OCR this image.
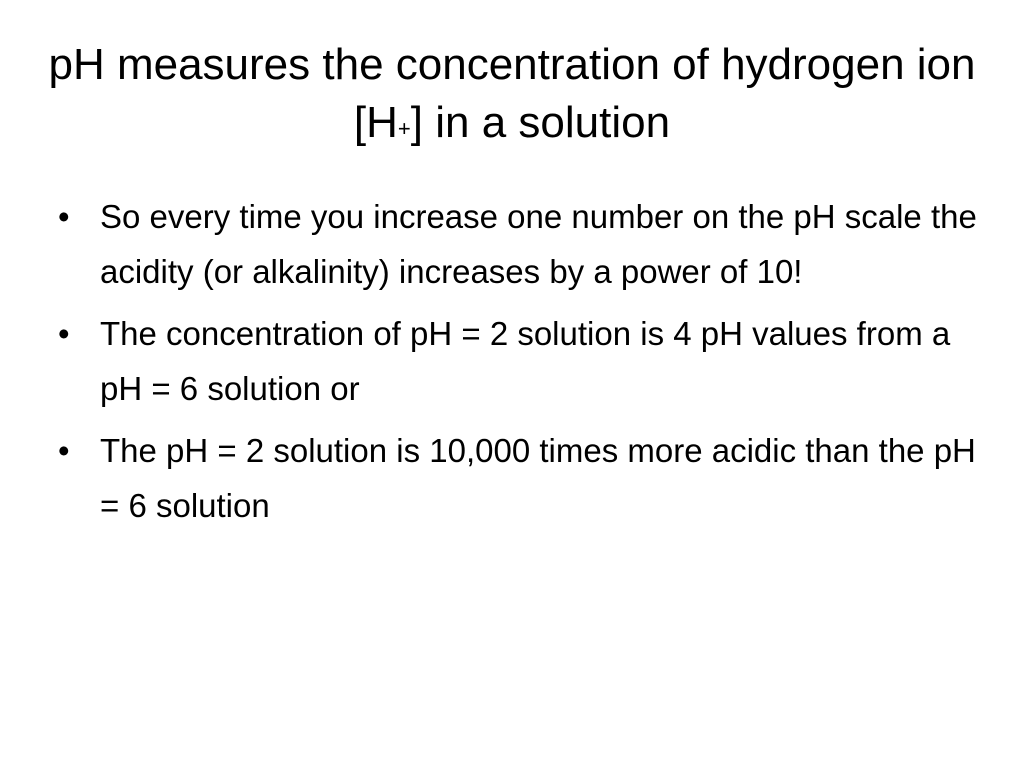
pH measures the concentration of hydrogen ion [H+] in a solution
• So every time you increase one number on the pH scale the acidity (or alkalinity) increases by a power of 10!
• The concentration of pH = 2 solution is 4 pH values from a pH = 6 solution or
• The pH = 2 solution is 10,000 times more acidic than the pH = 6 solution
